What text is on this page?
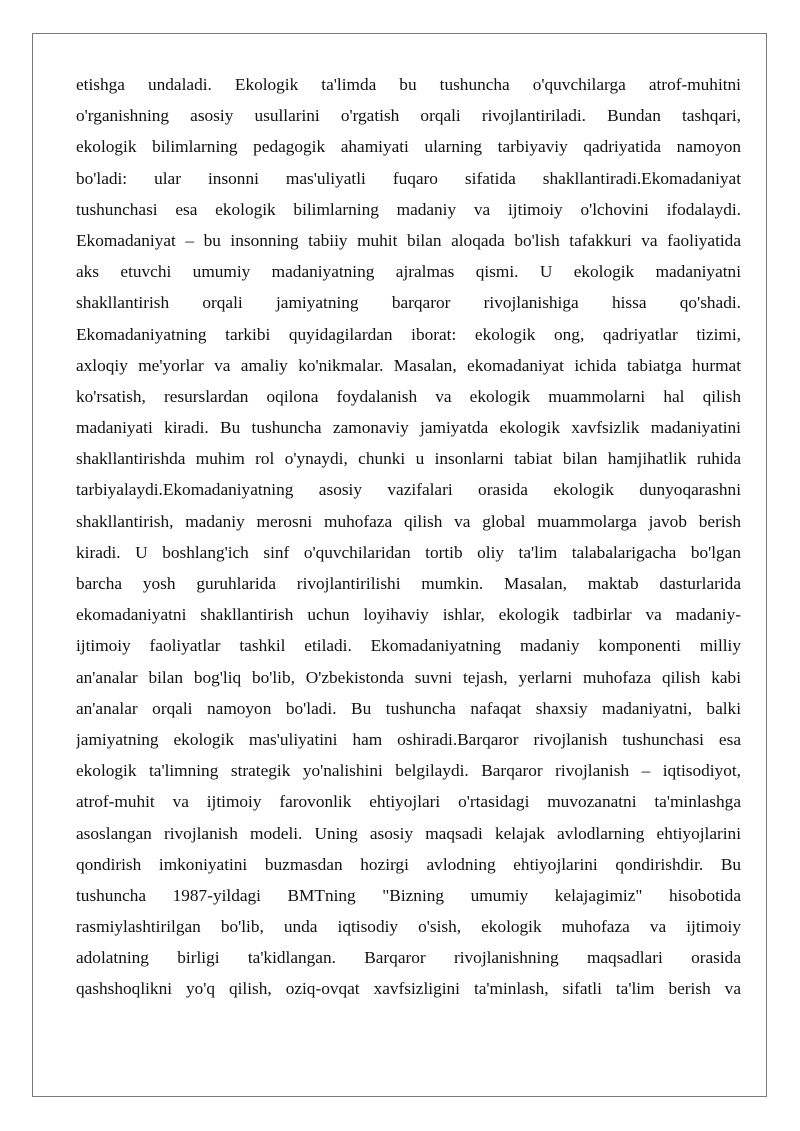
etishga undaladi. Ekologik ta'limda bu tushuncha o'quvchilarga atrof-muhitni
o'rganishning asosiy usullarini o'rgatish orqali rivojlantiriladi. Bundan tashqari,
ekologik bilimlarning pedagogik ahamiyati ularning tarbiyaviy qadriyatida namoyon
bo'ladi: ular insonni mas'uliyatli fuqaro sifatida shakllantiradi.Ekomadaniyat
tushunchasi esa ekologik bilimlarning madaniy va ijtimoiy o'lchovini ifodalaydi.
Ekomadaniyat – bu insonning tabiiy muhit bilan aloqada bo'lish tafakkuri va faoliyatida
aks etuvchi umumiy madaniyatning ajralmas qismi. U ekologik madaniyatni
shakllantirish orqali jamiyatning barqaror rivojlanishiga hissa qo'shadi.
Ekomadaniyatning tarkibi quyidagilardan iborat: ekologik ong, qadriyatlar tizimi,
axloqiy me'yorlar va amaliy ko'nikmalar. Masalan, ekomadaniyat ichida tabiatga hurmat
ko'rsatish, resurslardan oqilona foydalanish va ekologik muammolarni hal qilish
madaniyati kiradi. Bu tushuncha zamonaviy jamiyatda ekologik xavfsizlik madaniyatini
shakllantirishda muhim rol o'ynaydi, chunki u insonlarni tabiat bilan hamjihatlik ruhida
tarbiyalaydi.Ekomadaniyatning asosiy vazifalari orasida ekologik dunyoqarashni
shakllantirish, madaniy merosni muhofaza qilish va global muammolarga javob berish
kiradi. U boshlang'ich sinf o'quvchilaridan tortib oliy ta'lim talabalarigacha bo'lgan
barcha yosh guruhlarida rivojlantirilishi mumkin. Masalan, maktab dasturlarida
ekomadaniyatni shakllantirish uchun loyihaviy ishlar, ekologik tadbirlar va madaniy-
ijtimoiy faoliyatlar tashkil etiladi. Ekomadaniyatning madaniy komponenti milliy
an'analar bilan bog'liq bo'lib, O'zbekistonda suvni tejash, yerlarni muhofaza qilish kabi
an'analar orqali namoyon bo'ladi. Bu tushuncha nafaqat shaxsiy madaniyatni, balki
jamiyatning ekologik mas'uliyatini ham oshiradi.Barqaror rivojlanish tushunchasi esa
ekologik ta'limning strategik yo'nalishini belgilaydi. Barqaror rivojlanish – iqtisodiyot,
atrof-muhit va ijtimoiy farovonlik ehtiyojlari o'rtasidagi muvozanatni ta'minlashga
asoslangan rivojlanish modeli. Uning asosiy maqsadi kelajak avlodlarning ehtiyojlarini
qondirish imkoniyatini buzmasdan hozirgi avlodning ehtiyojlarini qondirishdir. Bu
tushuncha 1987-yildagi BMTning "Bizning umumiy kelajagimiz" hisobotida
rasmiylashtirilgan bo'lib, unda iqtisodiy o'sish, ekologik muhofaza va ijtimoiy
adolatning birligi ta'kidlangan. Barqaror rivojlanishning maqsadlari orasida
qashshoqlikni yo'q qilish, oziq-ovqat xavfsizligini ta'minlash, sifatli ta'lim berish va
